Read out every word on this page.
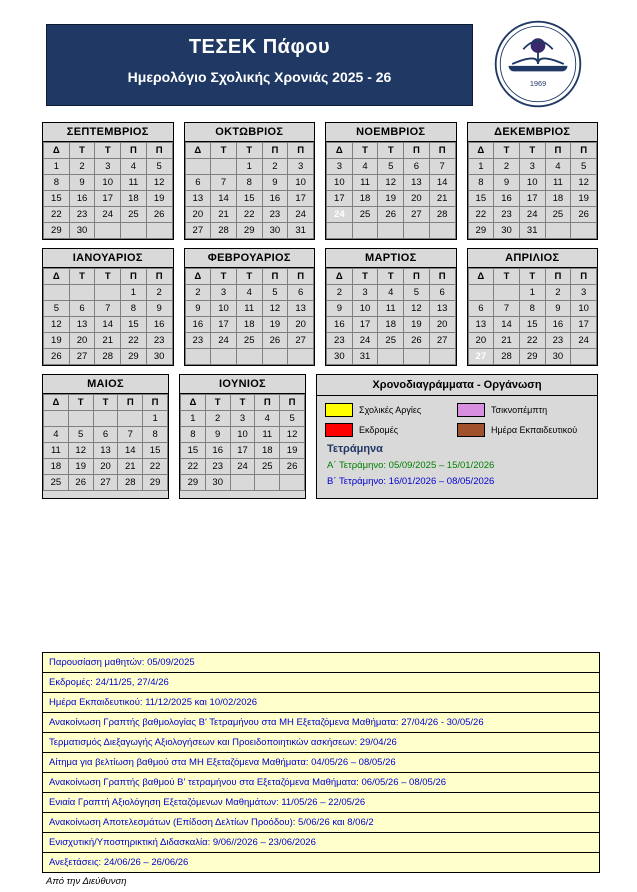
ΤΕΣΕΚ Πάφου
Ημερολόγιο Σχολικής Χρονιάς 2025 - 26	1969
ΣΕΠΤΕΜΒΡΙΟΣ
Δ	Τ	Τ	Π	Π
1	2	3	4	5
8	9	10	11	12
15	16	17	18	19
22	23	24	25	26
29	30			
ΟΚΤΩΒΡΙΟΣ
Δ	Τ	Τ	Π	Π
		1	2	3
6	7	8	9	10
13	14	15	16	17
20	21	22	23	24
27	28	29	30	31
ΝΟΕΜΒΡΙΟΣ
Δ	Τ	Τ	Π	Π
3	4	5	6	7
10	11	12	13	14
17	18	19	20	21
24	25	26	27	28

ΔΕΚΕΜΒΡΙΟΣ
Δ	Τ	Τ	Π	Π
1	2	3	4	5
8	9	10	11	12
15	16	17	18	19
22	23	24	25	26
29	30	31		
ΙΑΝΟΥΑΡΙΟΣ
Δ	Τ	Τ	Π	Π
			1	2
5	6	7	8	9
12	13	14	15	16
19	20	21	22	23
26	27	28	29	30
ΦΕΒΡΟΥΑΡΙΟΣ
Δ	Τ	Τ	Π	Π
2	3	4	5	6
9	10	11	12	13
16	17	18	19	20
23	24	25	26	27

ΜΑΡΤΙΟΣ
Δ	Τ	Τ	Π	Π
2	3	4	5	6
9	10	11	12	13
16	17	18	19	20
23	24	25	26	27
30	31			
ΑΠΡΙΛΙΟΣ
Δ	Τ	Τ	Π	Π
		1	2	3
6	7	8	9	10
13	14	15	16	17
20	21	22	23	24
27	28	29	30	
ΜΑΙΟΣ
Δ	Τ	Τ	Π	Π
				1
4	5	6	7	8
11	12	13	14	15
18	19	20	21	22
25	26	27	28	29
ΙΟΥΝΙΟΣ
Δ	Τ	Τ	Π	Π
1	2	3	4	5
8	9	10	11	12
15	16	17	18	19
22	23	24	25	26
29	30			
Χρονοδιαγράμματα - Οργάνωση
Σχολικές Αργίες	Τσικνοπέμπτη
Εκδρομές	Ημέρα Εκπαιδευτικού
Τετράμηνα
Α΄ Τετράμηνο: 05/09/2025 – 15/01/2026
Β΄ Τετράμηνο: 16/01/2026 – 08/05/2026
Παρουσίαση μαθητών: 05/09/2025
Εκδρομές: 24/11/25, 27/4/26
Ημέρα Εκπαιδευτικού: 11/12/2025 και 10/02/2026
Ανακοίνωση Γραπτής βαθμολογίας Β' Τετραμήνου στα ΜΗ Εξεταζόμενα Μαθήματα: 27/04/26 - 30/05/26
Τερματισμός Διεξαγωγής Αξιολογήσεων και Προειδοποιητικών ασκήσεων: 29/04/26
Αίτημα για βελτίωση βαθμού στα ΜΗ Εξεταζόμενα Μαθήματα: 04/05/26 – 08/05/26
Ανακοίνωση Γραπτής βαθμού Β' τετραμήνου στα Εξεταζόμενα Μαθήματα: 06/05/26 – 08/05/26
Ενιαία Γραπτή Αξιολόγηση Εξεταζόμενων Μαθημάτων: 11/05/26 – 22/05/26
Ανακοίνωση Αποτελεσμάτων (Επίδοση Δελτίων Προόδου): 5/06/26 και 8/06/2
Ενισχυτική/Υποστηρικτική Διδασκαλία: 9/06//2026 – 23/06/2026
Ανεξετάσεις: 24/06/26 – 26/06/26
Από την Διεύθυνση
